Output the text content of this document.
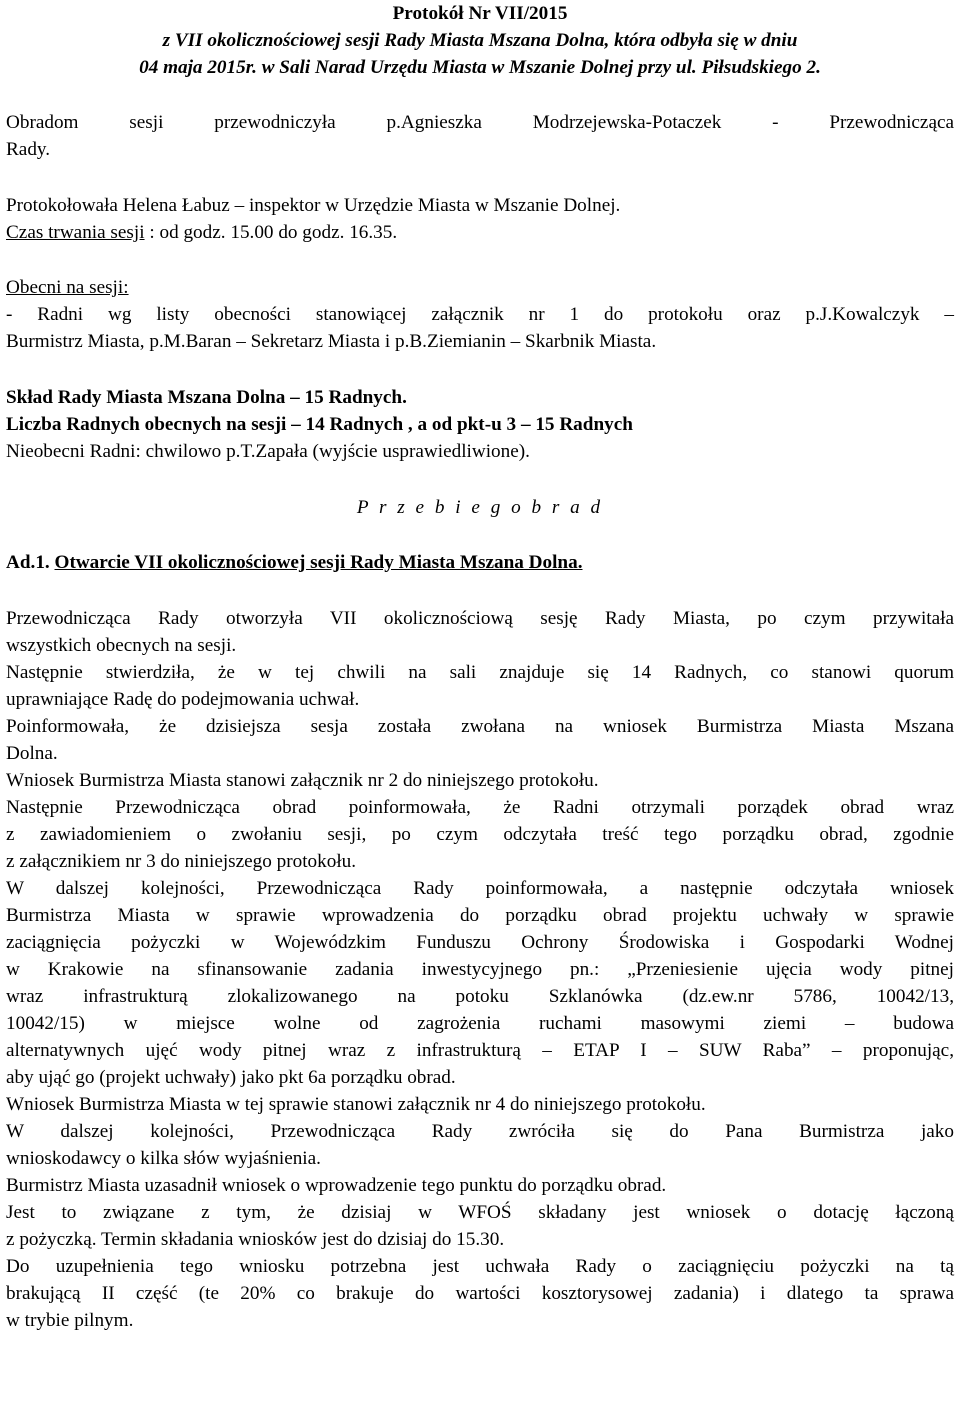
Protokół Nr VII/2015
z VII okolicznościowej sesji Rady Miasta Mszana Dolna, która odbyła się w dniu
04 maja 2015r. w Sali Narad Urzędu Miasta w Mszanie Dolnej przy ul. Piłsudskiego 2.
Obradom sesji przewodniczyła p.Agnieszka Modrzejewska-Potaczek - Przewodnicząca
Rady.
Protokołowała Helena Łabuz – inspektor w Urzędzie Miasta w Mszanie Dolnej.
Czas trwania sesji : od godz. 15.00 do godz. 16.35.
Obecni na sesji:
- Radni wg listy obecności stanowiącej załącznik nr 1 do protokołu oraz p.J.Kowalczyk –
Burmistrz Miasta, p.M.Baran – Sekretarz Miasta i p.B.Ziemianin – Skarbnik Miasta.
Skład Rady Miasta Mszana Dolna – 15 Radnych.
Liczba Radnych obecnych na sesji – 14 Radnych , a od pkt-u 3 – 15 Radnych
Nieobecni Radni: chwilowo p.T.Zapała (wyjście usprawiedliwione).
P r z e b i e g o b r a d
Ad.1. Otwarcie VII okolicznościowej sesji Rady Miasta Mszana Dolna.
Przewodnicząca Rady otworzyła VII okolicznościową sesję Rady Miasta, po czym przywitała
wszystkich obecnych na sesji.
Następnie stwierdziła, że w tej chwili na sali znajduje się 14 Radnych, co stanowi quorum
uprawniające Radę do podejmowania uchwał.
Poinformowała, że dzisiejsza sesja została zwołana na wniosek Burmistrza Miasta Mszana
Dolna.
Wniosek Burmistrza Miasta stanowi załącznik nr 2 do niniejszego protokołu.
Następnie Przewodnicząca obrad poinformowała, że Radni otrzymali porządek obrad wraz
z zawiadomieniem o zwołaniu sesji, po czym odczytała treść tego porządku obrad, zgodnie
z załącznikiem nr 3 do niniejszego protokołu.
W dalszej kolejności, Przewodnicząca Rady poinformowała, a następnie odczytała wniosek
Burmistrza Miasta w sprawie wprowadzenia do porządku obrad projektu uchwały w sprawie
zaciągnięcia pożyczki w Wojewódzkim Funduszu Ochrony Środowiska i Gospodarki Wodnej
w Krakowie na sfinansowanie zadania inwestycyjnego pn.: „Przeniesienie ujęcia wody pitnej
wraz infrastrukturą zlokalizowanego na potoku Szklanówka (dz.ew.nr 5786, 10042/13,
10042/15) w miejsce wolne od zagrożenia ruchami masowymi ziemi – budowa
alternatywnych ujęć wody pitnej wraz z infrastrukturą – ETAP I – SUW Raba” – proponując,
aby ująć go (projekt uchwały) jako pkt 6a porządku obrad.
Wniosek Burmistrza Miasta w tej sprawie stanowi załącznik nr 4 do niniejszego protokołu.
W dalszej kolejności, Przewodnicząca Rady zwróciła się do Pana Burmistrza jako
wnioskodawcy o kilka słów wyjaśnienia.
Burmistrz Miasta uzasadnił wniosek o wprowadzenie tego punktu do porządku obrad.
Jest to związane z tym, że dzisiaj w WFOŚ składany jest wniosek o dotację łączoną
z pożyczką. Termin składania wniosków jest do dzisiaj do 15.30.
Do uzupełnienia tego wniosku potrzebna jest uchwała Rady o zaciągnięciu pożyczki na tą
brakującą II część (te 20% co brakuje do wartości kosztorysowej zadania) i dlatego ta sprawa
w trybie pilnym.
